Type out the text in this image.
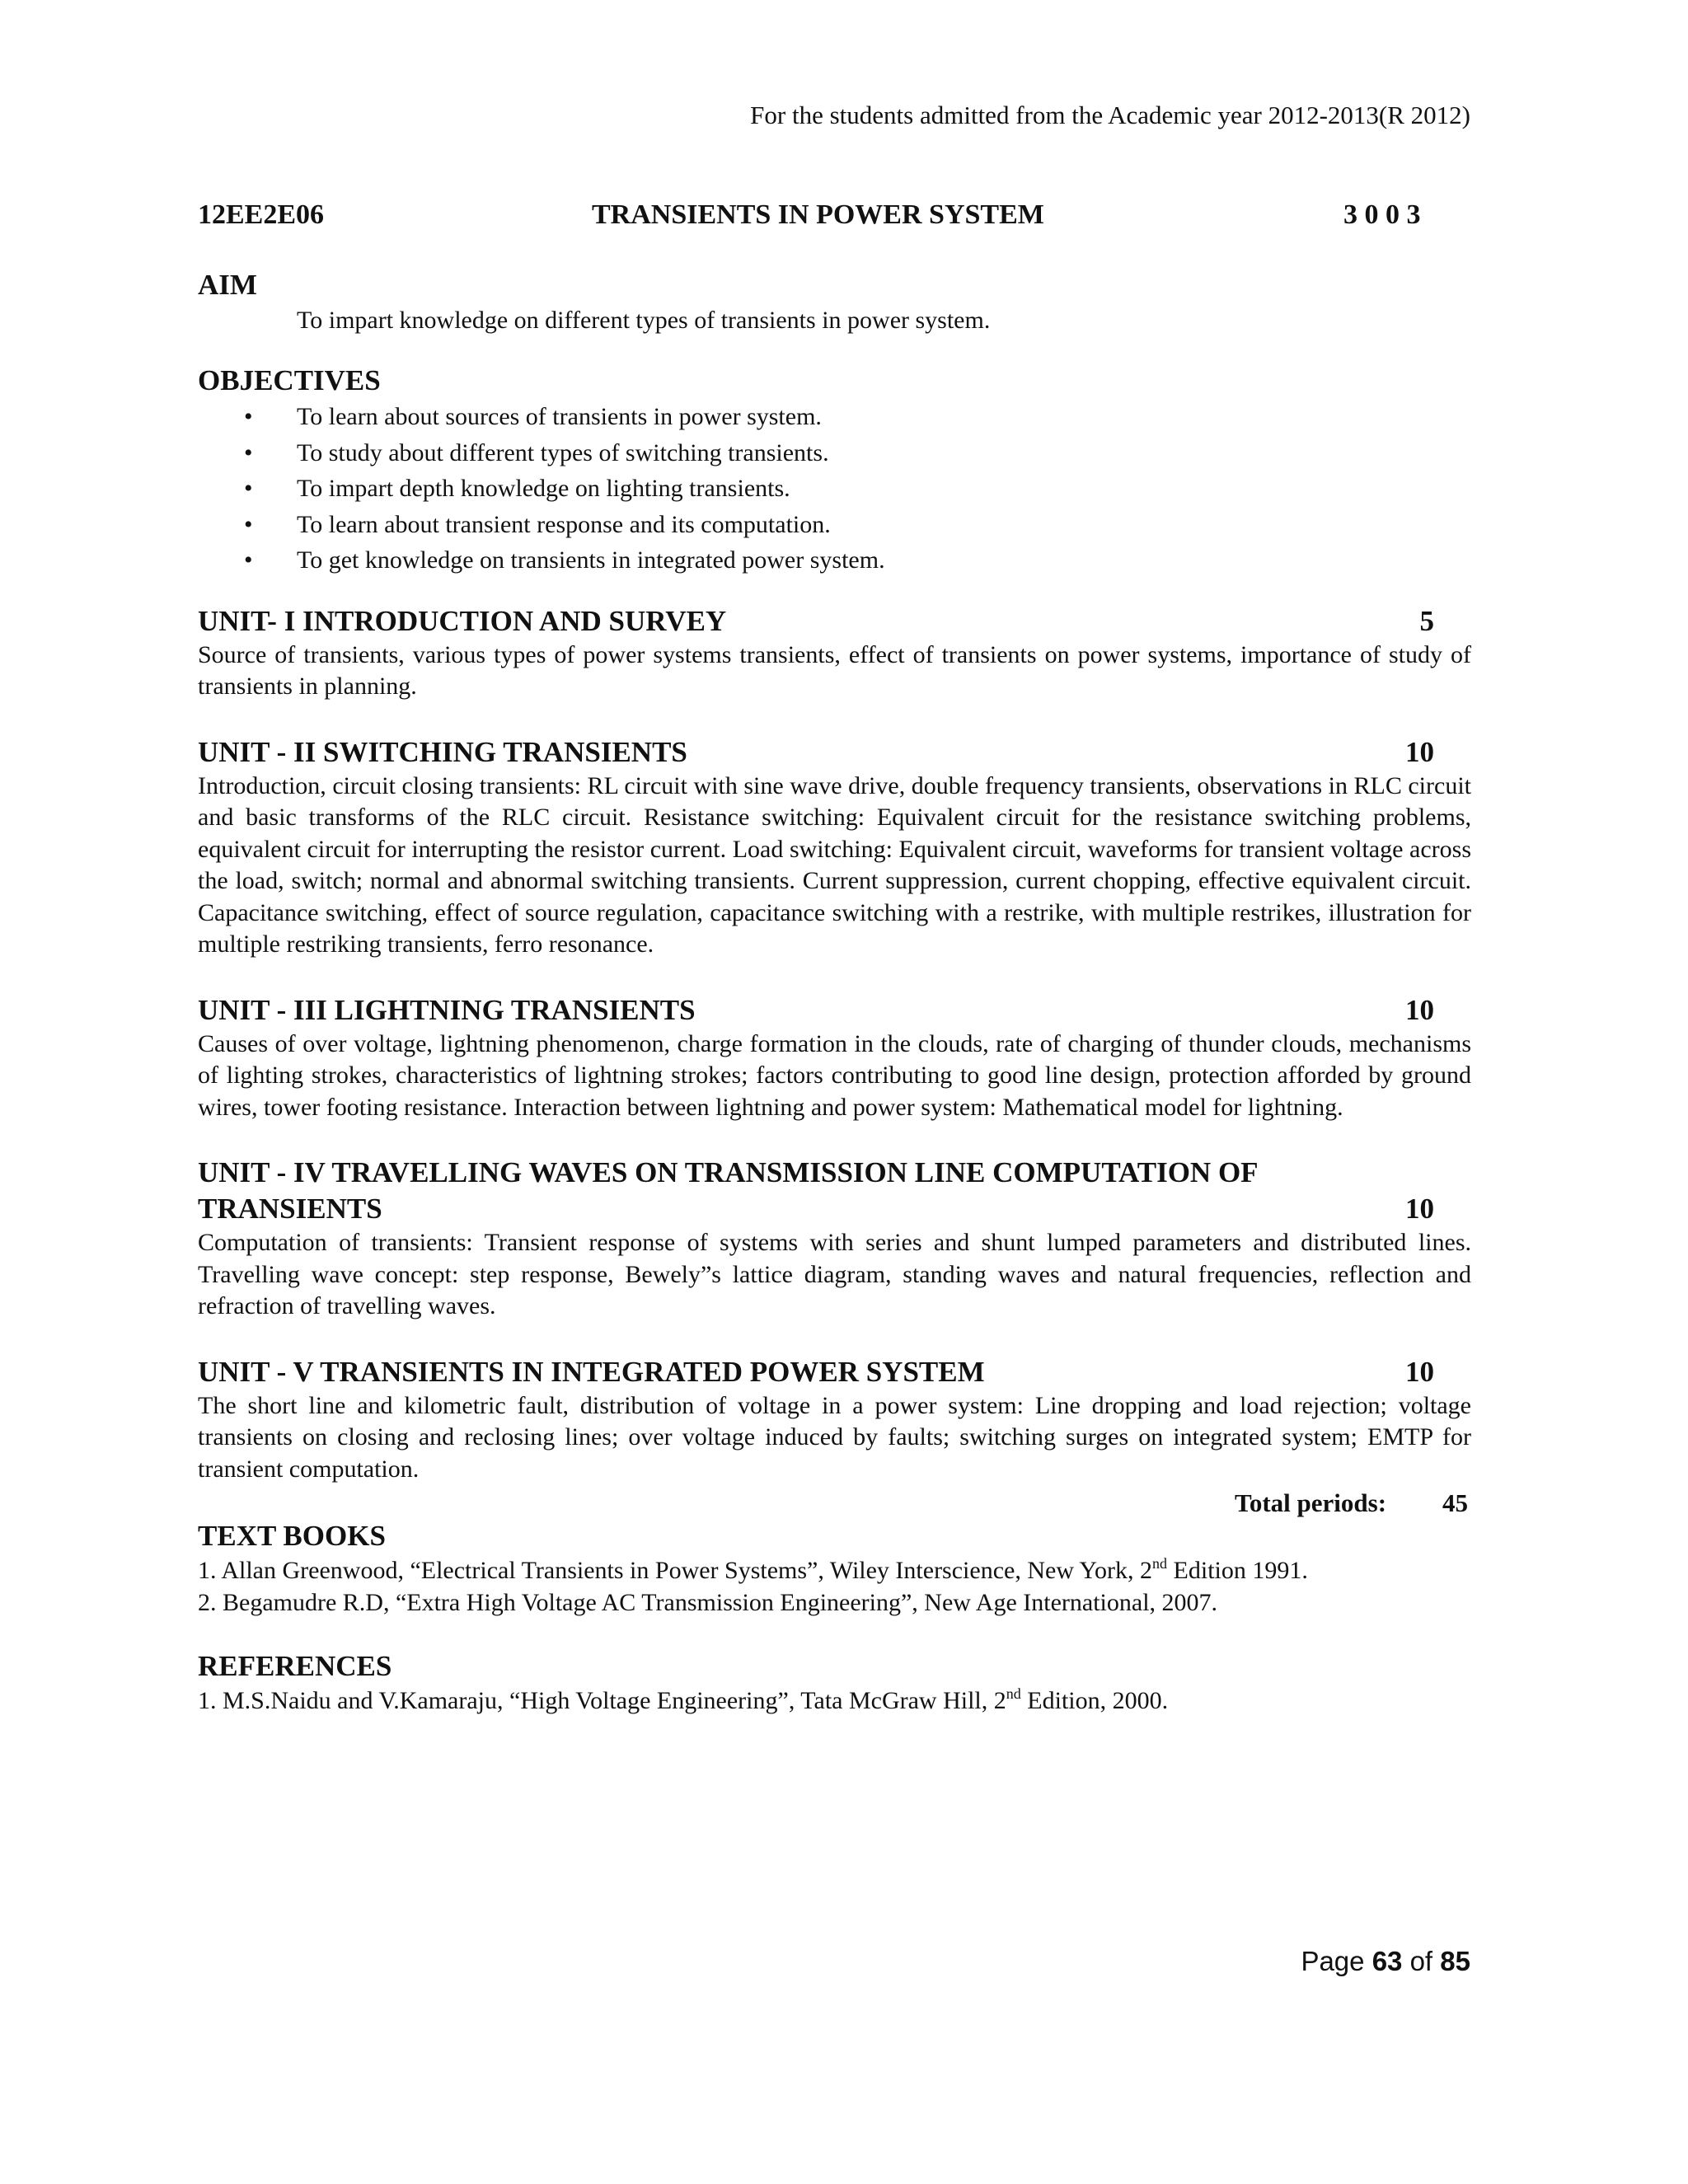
For the students admitted from the Academic year 2012-2013(R 2012)
12EE2E06	TRANSIENTS IN POWER SYSTEM	3 0 0 3
AIM

To impart knowledge on different types of transients in power system.

OBJECTIVES
• To learn about sources of transients in power system.
• To study about different types of switching transients.
• To impart depth knowledge on lighting transients.
• To learn about transient response and its computation.
• To get knowledge on transients in integrated power system.
UNIT- I INTRODUCTION AND SURVEY	5

Source of transients, various types of power systems transients, effect of transients on power systems, importance of study of transients in planning.

UNIT - II SWITCHING TRANSIENTS	10

Introduction, circuit closing transients: RL circuit with sine wave drive, double frequency transients, observations in RLC circuit and basic transforms of the RLC circuit. Resistance switching: Equivalent circuit for the resistance switching problems, equivalent circuit for interrupting the resistor current. Load switching: Equivalent circuit, waveforms for transient voltage across the load, switch; normal and abnormal switching transients. Current suppression, current chopping, effective equivalent circuit. Capacitance switching, effect of source regulation, capacitance switching with a restrike, with multiple restrikes, illustration for multiple restriking transients, ferro resonance.

UNIT - III LIGHTNING TRANSIENTS	10

Causes of over voltage, lightning phenomenon, charge formation in the clouds, rate of charging of thunder clouds, mechanisms of lighting strokes, characteristics of lightning strokes; factors contributing to good line design, protection afforded by ground wires, tower footing resistance. Interaction between lightning and power system: Mathematical model for lightning.

UNIT - IV TRAVELLING WAVES ON TRANSMISSION LINE COMPUTATION OF
TRANSIENTS	10

Computation of transients: Transient response of systems with series and shunt lumped parameters and distributed lines. Travelling wave concept: step response, Bewely”s lattice diagram, standing waves and natural frequencies, reflection and refraction of travelling waves.

UNIT - V TRANSIENTS IN INTEGRATED POWER SYSTEM	10

The short line and kilometric fault, distribution of voltage in a power system: Line dropping and load rejection; voltage transients on closing and reclosing lines; over voltage induced by faults; switching surges on integrated system; EMTP for transient computation.

Total periods: 45
TEXT BOOKS

1. Allan Greenwood, “Electrical Transients in Power Systems”, Wiley Interscience, New York, 2nd Edition 1991.

2. Begamudre R.D, “Extra High Voltage AC Transmission Engineering”, New Age International, 2007.

REFERENCES

1. M.S.Naidu and V.Kamaraju, “High Voltage Engineering”, Tata McGraw Hill, 2nd Edition, 2000.

Page 63 of 85
